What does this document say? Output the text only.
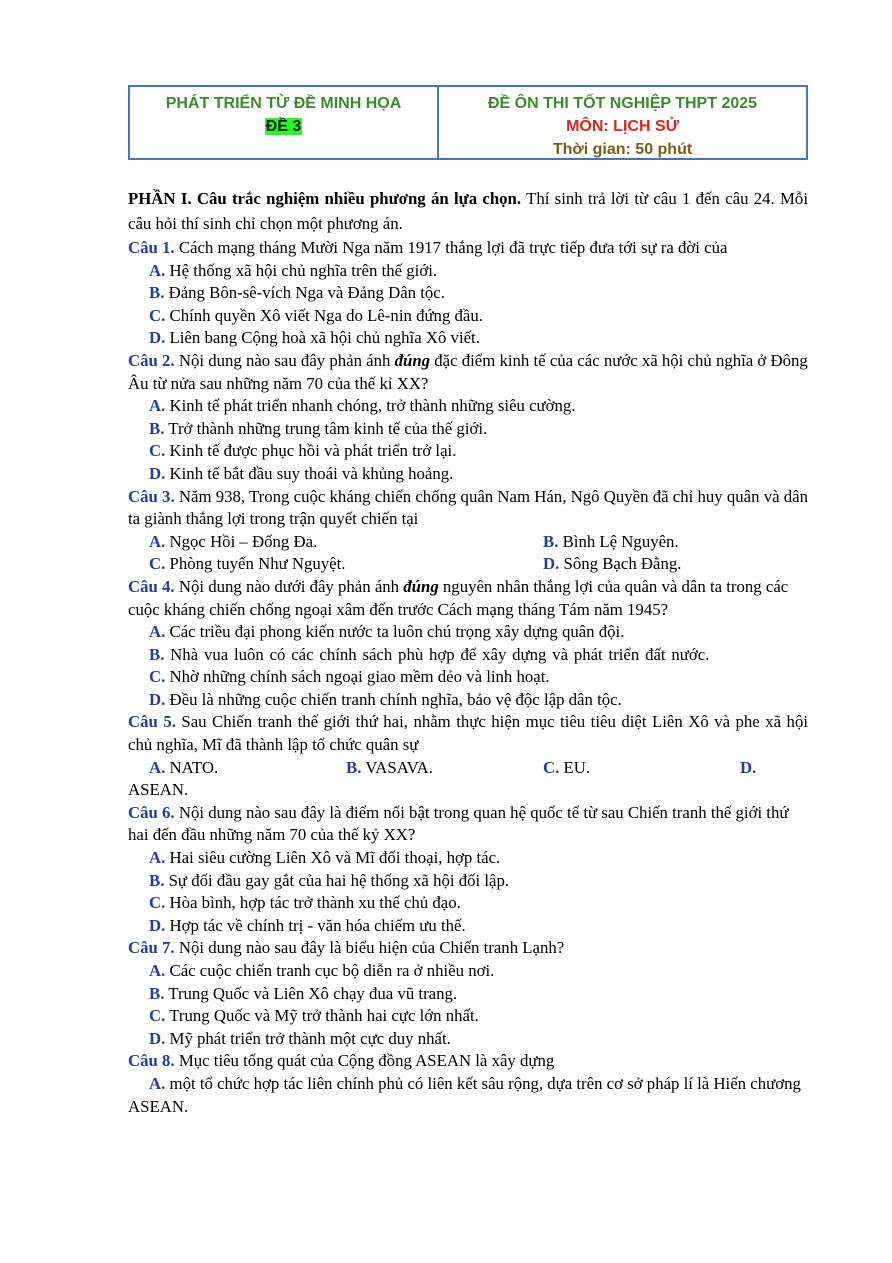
PHÁT TRIỂN TỪ ĐỀ MINH HỌA
ĐỀ 3
ĐỀ ÔN THI TỐT NGHIỆP THPT 2025
MÔN: LỊCH SỬ
Thời gian: 50 phút

PHẦN I. Câu trắc nghiệm nhiều phương án lựa chọn. Thí sinh trả lời từ câu 1 đến câu 24. Mỗi câu hỏi thí sinh chỉ chọn một phương án.

Câu 1. Cách mạng tháng Mười Nga năm 1917 thắng lợi đã trực tiếp đưa tới sự ra đời của

A. Hệ thống xã hội chủ nghĩa trên thế giới.
B. Đảng Bôn-sê-vích Nga và Đảng Dân tộc.
C. Chính quyền Xô viết Nga do Lê-nin đứng đầu.
D. Liên bang Cộng hoà xã hội chủ nghĩa Xô viết.

Câu 2. Nội dung nào sau đây phản ánh đúng đặc điểm kinh tế của các nước xã hội chủ nghĩa ở Đông Âu từ nửa sau những năm 70 của thế kỉ XX?

A. Kinh tế phát triển nhanh chóng, trở thành những siêu cường.
B. Trở thành những trung tâm kinh tế của thế giới.
C. Kinh tế được phục hồi và phát triển trở lại.
D. Kinh tế bắt đầu suy thoái và khủng hoảng.

Câu 3. Năm 938, Trong cuộc kháng chiến chống quân Nam Hán, Ngô Quyền đã chỉ huy quân và dân ta giành thắng lợi trong trận quyết chiến tại

A. Ngọc Hồi – Đống Đa.	B. Bình Lệ Nguyên.
C. Phòng tuyến Như Nguyệt.	D. Sông Bạch Đằng.

Câu 4. Nội dung nào dưới đây phản ánh đúng nguyên nhân thắng lợi của quân và dân ta trong các cuộc kháng chiến chống ngoại xâm đến trước Cách mạng tháng Tám năm 1945?

A. Các triều đại phong kiến nước ta luôn chú trọng xây dựng quân đội.
B. Nhà vua luôn có các chính sách phù hợp để xây dựng và phát triển đất nước.
C. Nhờ những chính sách ngoại giao mềm dẻo và linh hoạt.
D. Đều là những cuộc chiến tranh chính nghĩa, bảo vệ độc lập dân tộc.

Câu 5. Sau Chiến tranh thế giới thứ hai, nhằm thực hiện mục tiêu tiêu diệt Liên Xô và phe xã hội chủ nghĩa, Mĩ đã thành lập tổ chức quân sự

A. NATO.	B. VASAVA.	C. EU.	D.
ASEAN.

Câu 6. Nội dung nào sau đây là điểm nổi bật trong quan hệ quốc tế từ sau Chiến tranh thế giới thứ hai đến đầu những năm 70 của thế kỷ XX?

A. Hai siêu cường Liên Xô và Mĩ đối thoại, hợp tác.
B. Sự đối đầu gay gắt của hai hệ thống xã hội đối lập.
C. Hòa bình, hợp tác trở thành xu thế chủ đạo.
D. Hợp tác về chính trị - văn hóa chiếm ưu thế.

Câu 7. Nội dung nào sau đây là biểu hiện của Chiến tranh Lạnh?

A. Các cuộc chiến tranh cục bộ diễn ra ở nhiều nơi.
B. Trung Quốc và Liên Xô chạy đua vũ trang.
C. Trung Quốc và Mỹ trở thành hai cực lớn nhất.
D. Mỹ phát triển trở thành một cực duy nhất.

Câu 8. Mục tiêu tổng quát của Cộng đồng ASEAN là xây dựng

A. một tổ chức hợp tác liên chính phủ có liên kết sâu rộng, dựa trên cơ sở pháp lí là Hiến chương ASEAN.
